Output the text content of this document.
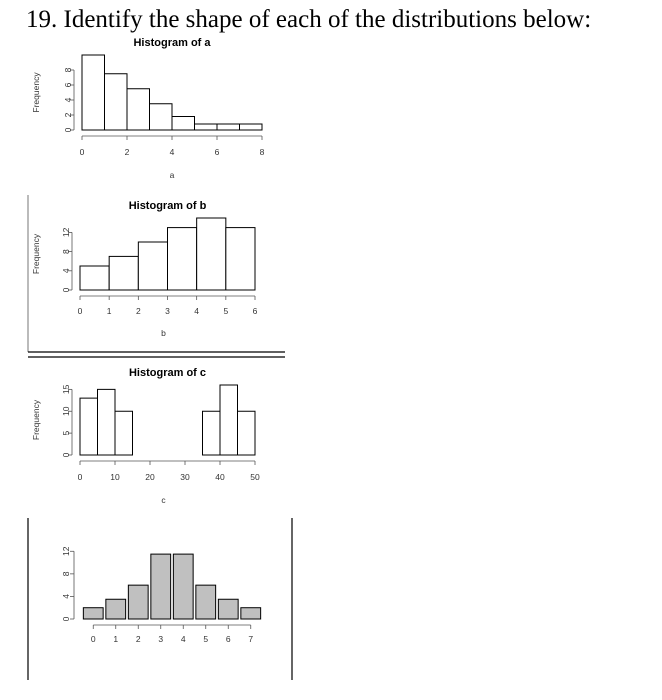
19. Identify the shape of each of the distributions below:
0	2	4	6	8
0
2
4
6
8
Histogram of a
a
Frequency
0	1	2	3	4	5	6
0
4
8
12
Histogram of b
b
Frequency
0	10	20	30	40	50
0
5
10
15
Histogram of c
c
Frequency
0 1 2 3 4 5 6 7
0
4
8
12
